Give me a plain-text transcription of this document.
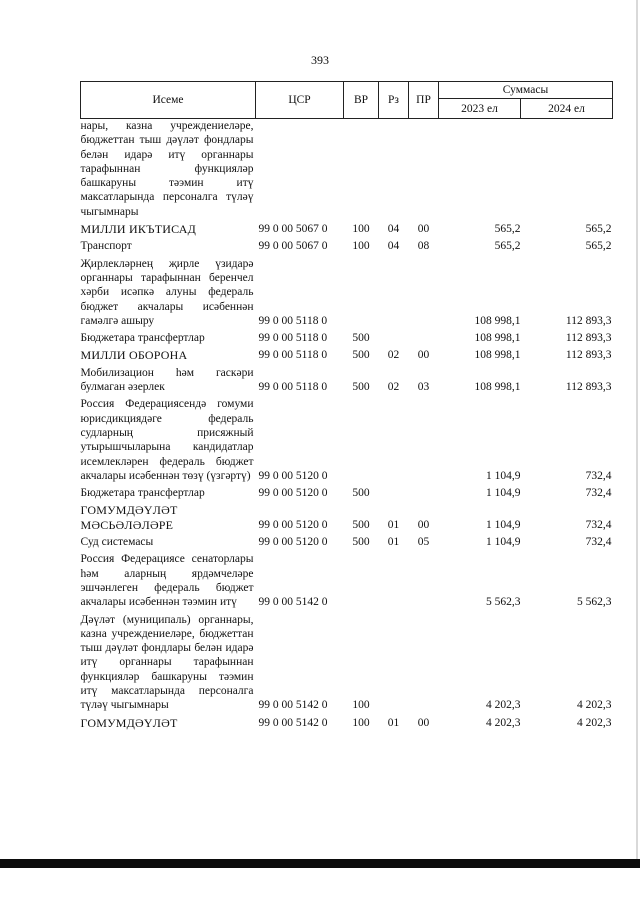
393
Исеме	ЦСР	ВР	Рз	ПР	Суммасы	
					2023 ел	2024 ел
нары, казна учреждениеләре, бюджеттан тыш дәүләт фондлары белән идарә итү органнары тарафыннан функцияләр башкаруны тәэмин итү максатларында персоналга түләү чыгымнары						
МИЛЛИ ИКЪТИСАД	99 0 00 5067 0	100	04	00	565,2	565,2
Транспорт	99 0 00 5067 0	100	04	08	565,2	565,2
Җирлекләрнең җирле үзидарә органнары тарафыннан беренчел хәрби исәпкә алуны федераль бюджет акчалары исәбеннән гамәлгә ашыру	99 0 00 5118 0				108 998,1	112 893,3
Бюджетара трансфертлар	99 0 00 5118 0	500			108 998,1	112 893,3
МИЛЛИ ОБОРОНА	99 0 00 5118 0	500	02	00	108 998,1	112 893,3
Мобилизацион һәм гаскәри булмаган әзерлек	99 0 00 5118 0	500	02	03	108 998,1	112 893,3
Россия Федерациясендә гомуми юрисдикциядәге федераль судларның присяжный утырышчыларына кандидатлар исемлекләрен федераль бюджет акчалары исәбеннән төзү (үзгәртү)	99 0 00 5120 0				1 104,9	732,4
Бюджетара трансфертлар	99 0 00 5120 0	500			1 104,9	732,4
ГОМУМДӘҮЛӘТ МӘСЬӘЛӘЛӘРЕ	99 0 00 5120 0	500	01	00	1 104,9	732,4
Суд системасы	99 0 00 5120 0	500	01	05	1 104,9	732,4
Россия Федерациясе сенаторлары һәм аларның ярдәмчеләре эшчәнлеген федераль бюджет акчалары исәбеннән тәэмин итү	99 0 00 5142 0				5 562,3	5 562,3
Дәүләт (муниципаль) органнары, казна учреждениеләре, бюджеттан тыш дәүләт фондлары белән идарә итү органнары тарафыннан функцияләр башкаруны тәэмин итү максатларында персоналга түләү чыгымнары	99 0 00 5142 0	100			4 202,3	4 202,3
ГОМУМДӘҮЛӘТ	99 0 00 5142 0	100	01	00	4 202,3	4 202,3
